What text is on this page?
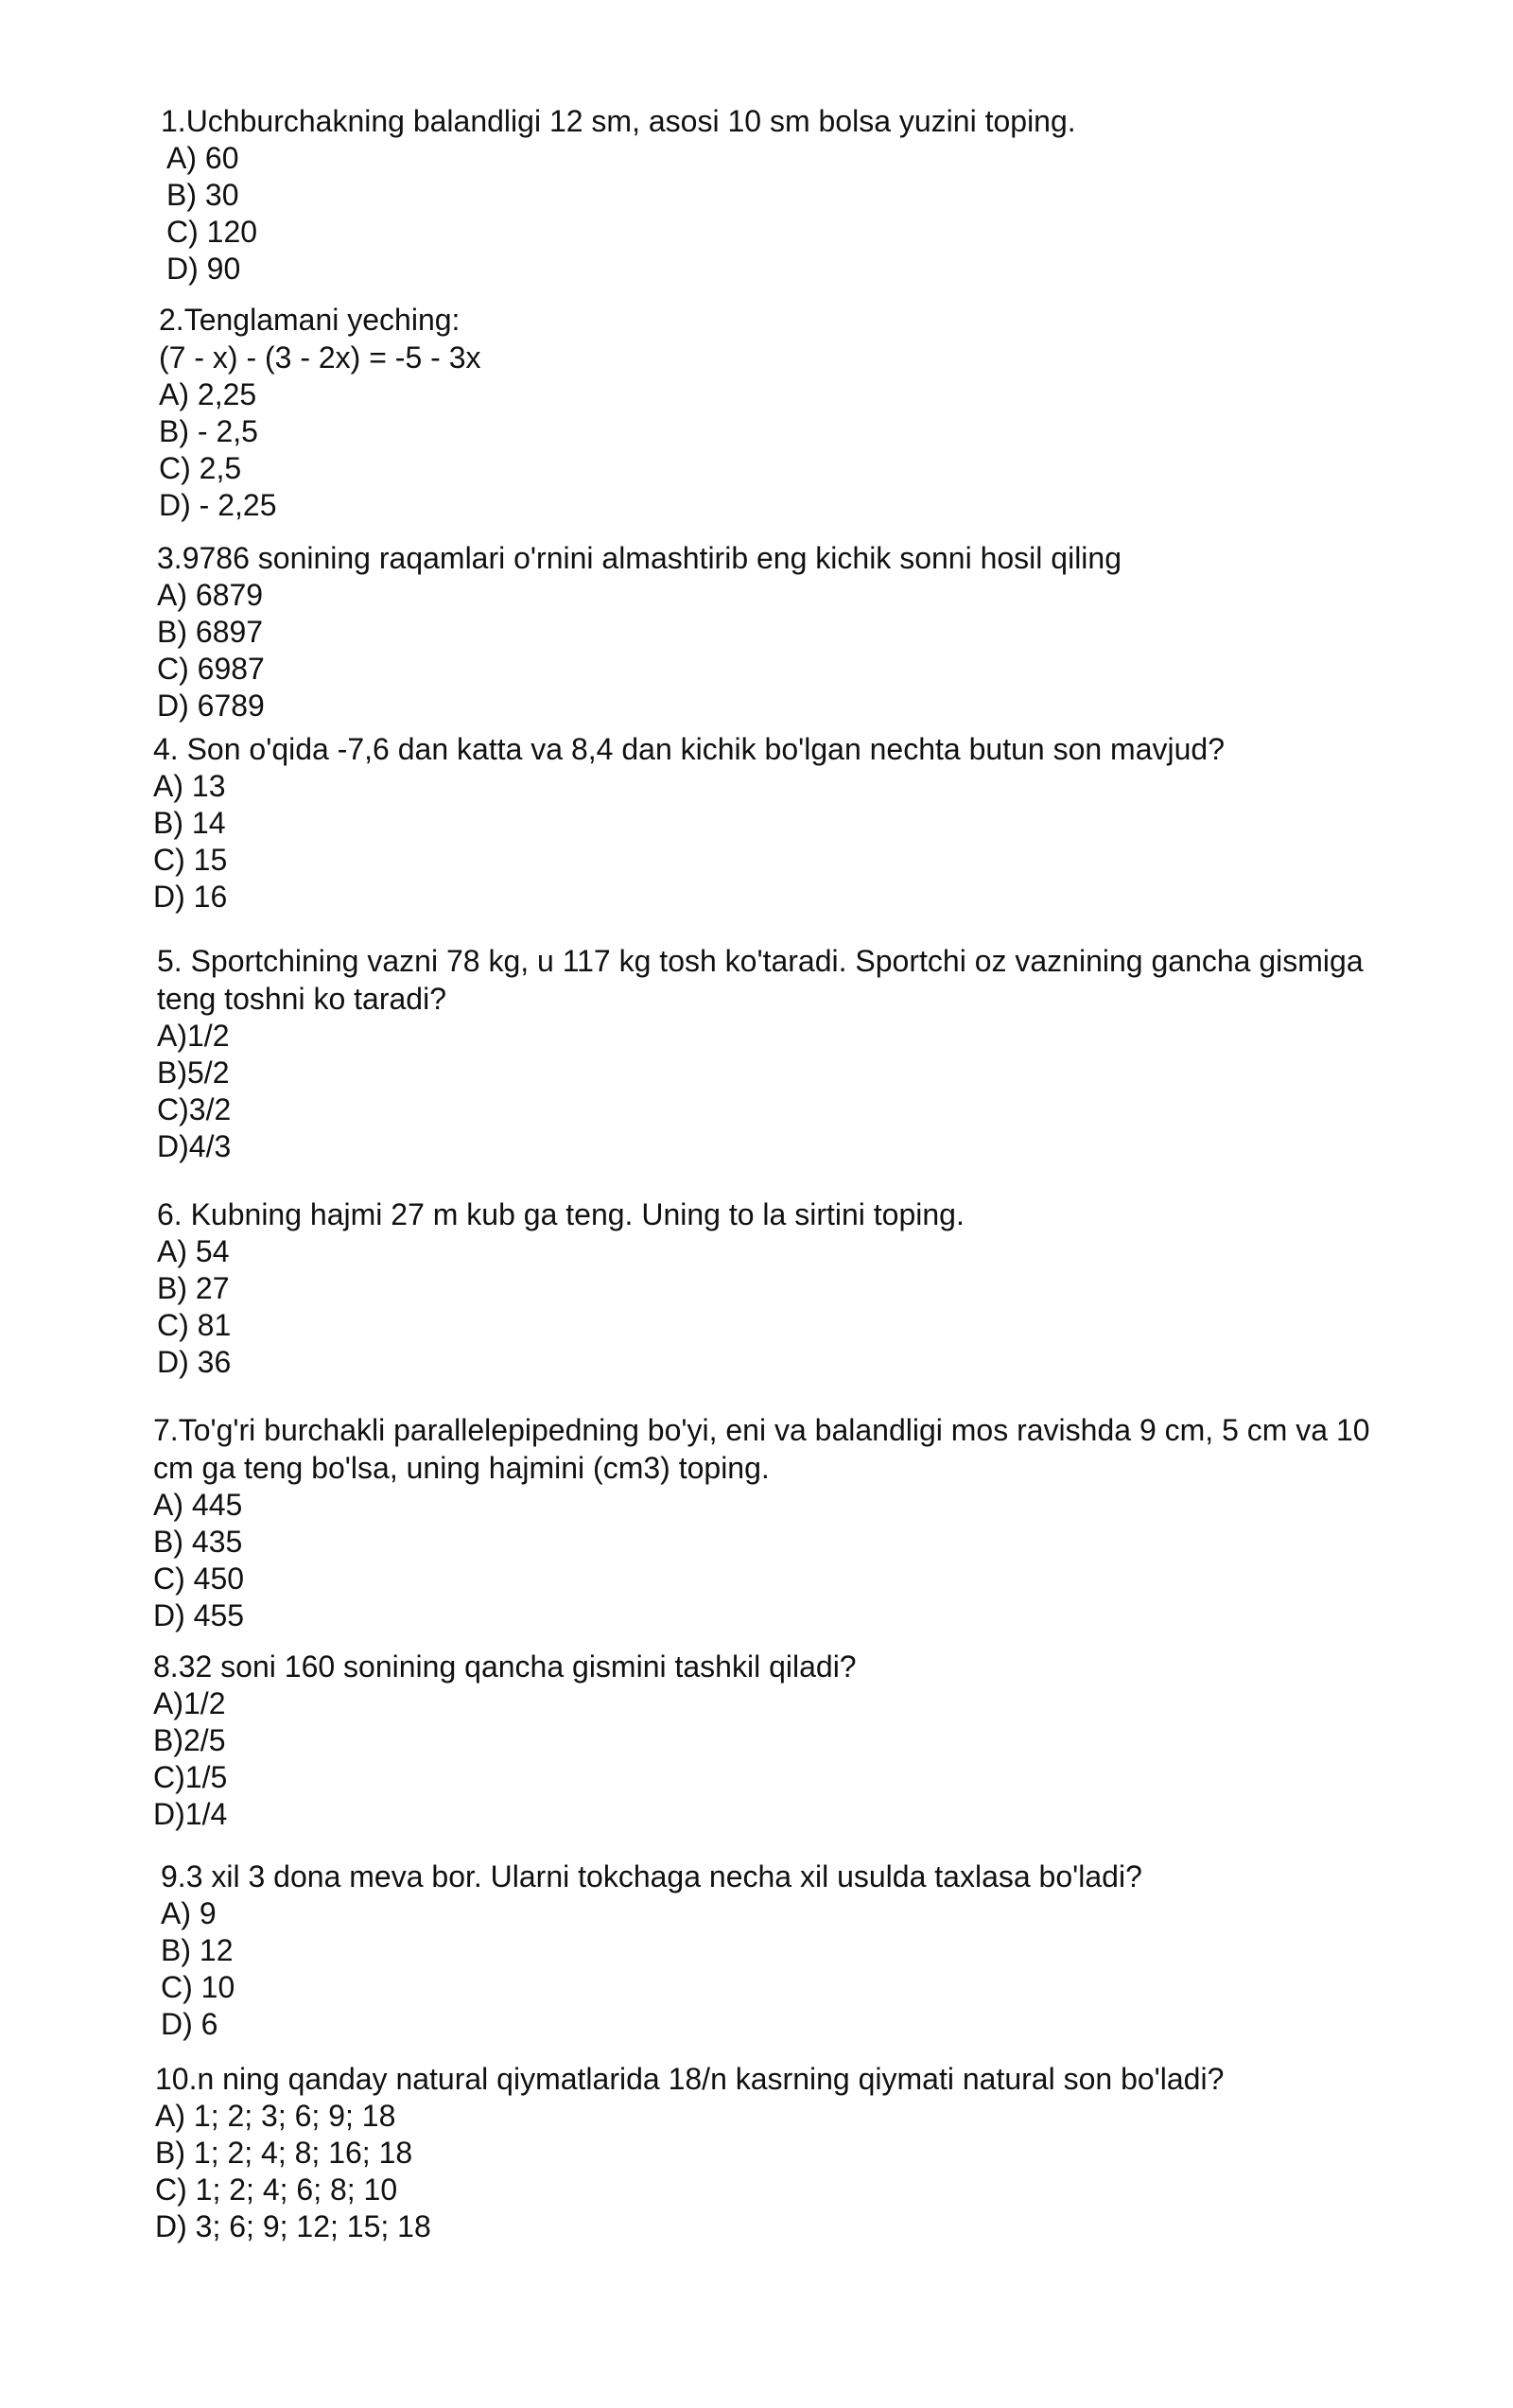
1.Uchburchakning balandligi 12 sm, asosi 10 sm bolsa yuzini toping.

A) 60
B) 30
C) 120
D) 90

2.Tenglamani yeching:

(7 - x) - (3 - 2x) = -5 - 3x

A) 2,25
B) - 2,5
C) 2,5
D) - 2,25

3.9786 sonining raqamlari o'rnini almashtirib eng kichik sonni hosil qiling

A) 6879
B) 6897
C) 6987
D) 6789

4. Son o'qida -7,6 dan katta va 8,4 dan kichik bo'lgan nechta butun son mavjud?

A) 13
B) 14
C) 15
D) 16

5. Sportchining vazni 78 kg, u 117 kg tosh ko'taradi. Sportchi oz vaznining gancha gismiga
teng toshni ko taradi?

A)1/2
B)5/2
C)3/2
D)4/3

6. Kubning hajmi 27 m kub ga teng. Uning to la sirtini toping.

A) 54
B) 27
C) 81
D) 36

7.To'g'ri burchakli parallelepipedning bo'yi, eni va balandligi mos ravishda 9 cm, 5 cm va 10
cm ga teng bo'lsa, uning hajmini (cm3) toping.

A) 445
B) 435
C) 450
D) 455

8.32 soni 160 sonining qancha gismini tashkil qiladi?

A)1/2
B)2/5
C)1/5
D)1/4

9.3 xil 3 dona meva bor. Ularni tokchaga necha xil usulda taxlasa bo'ladi?

A) 9
B) 12
C) 10
D) 6

10.n ning qanday natural qiymatlarida 18/n kasrning qiymati natural son bo'ladi?

A) 1; 2; 3; 6; 9; 18
B) 1; 2; 4; 8; 16; 18
C) 1; 2; 4; 6; 8; 10
D) 3; 6; 9; 12; 15; 18
